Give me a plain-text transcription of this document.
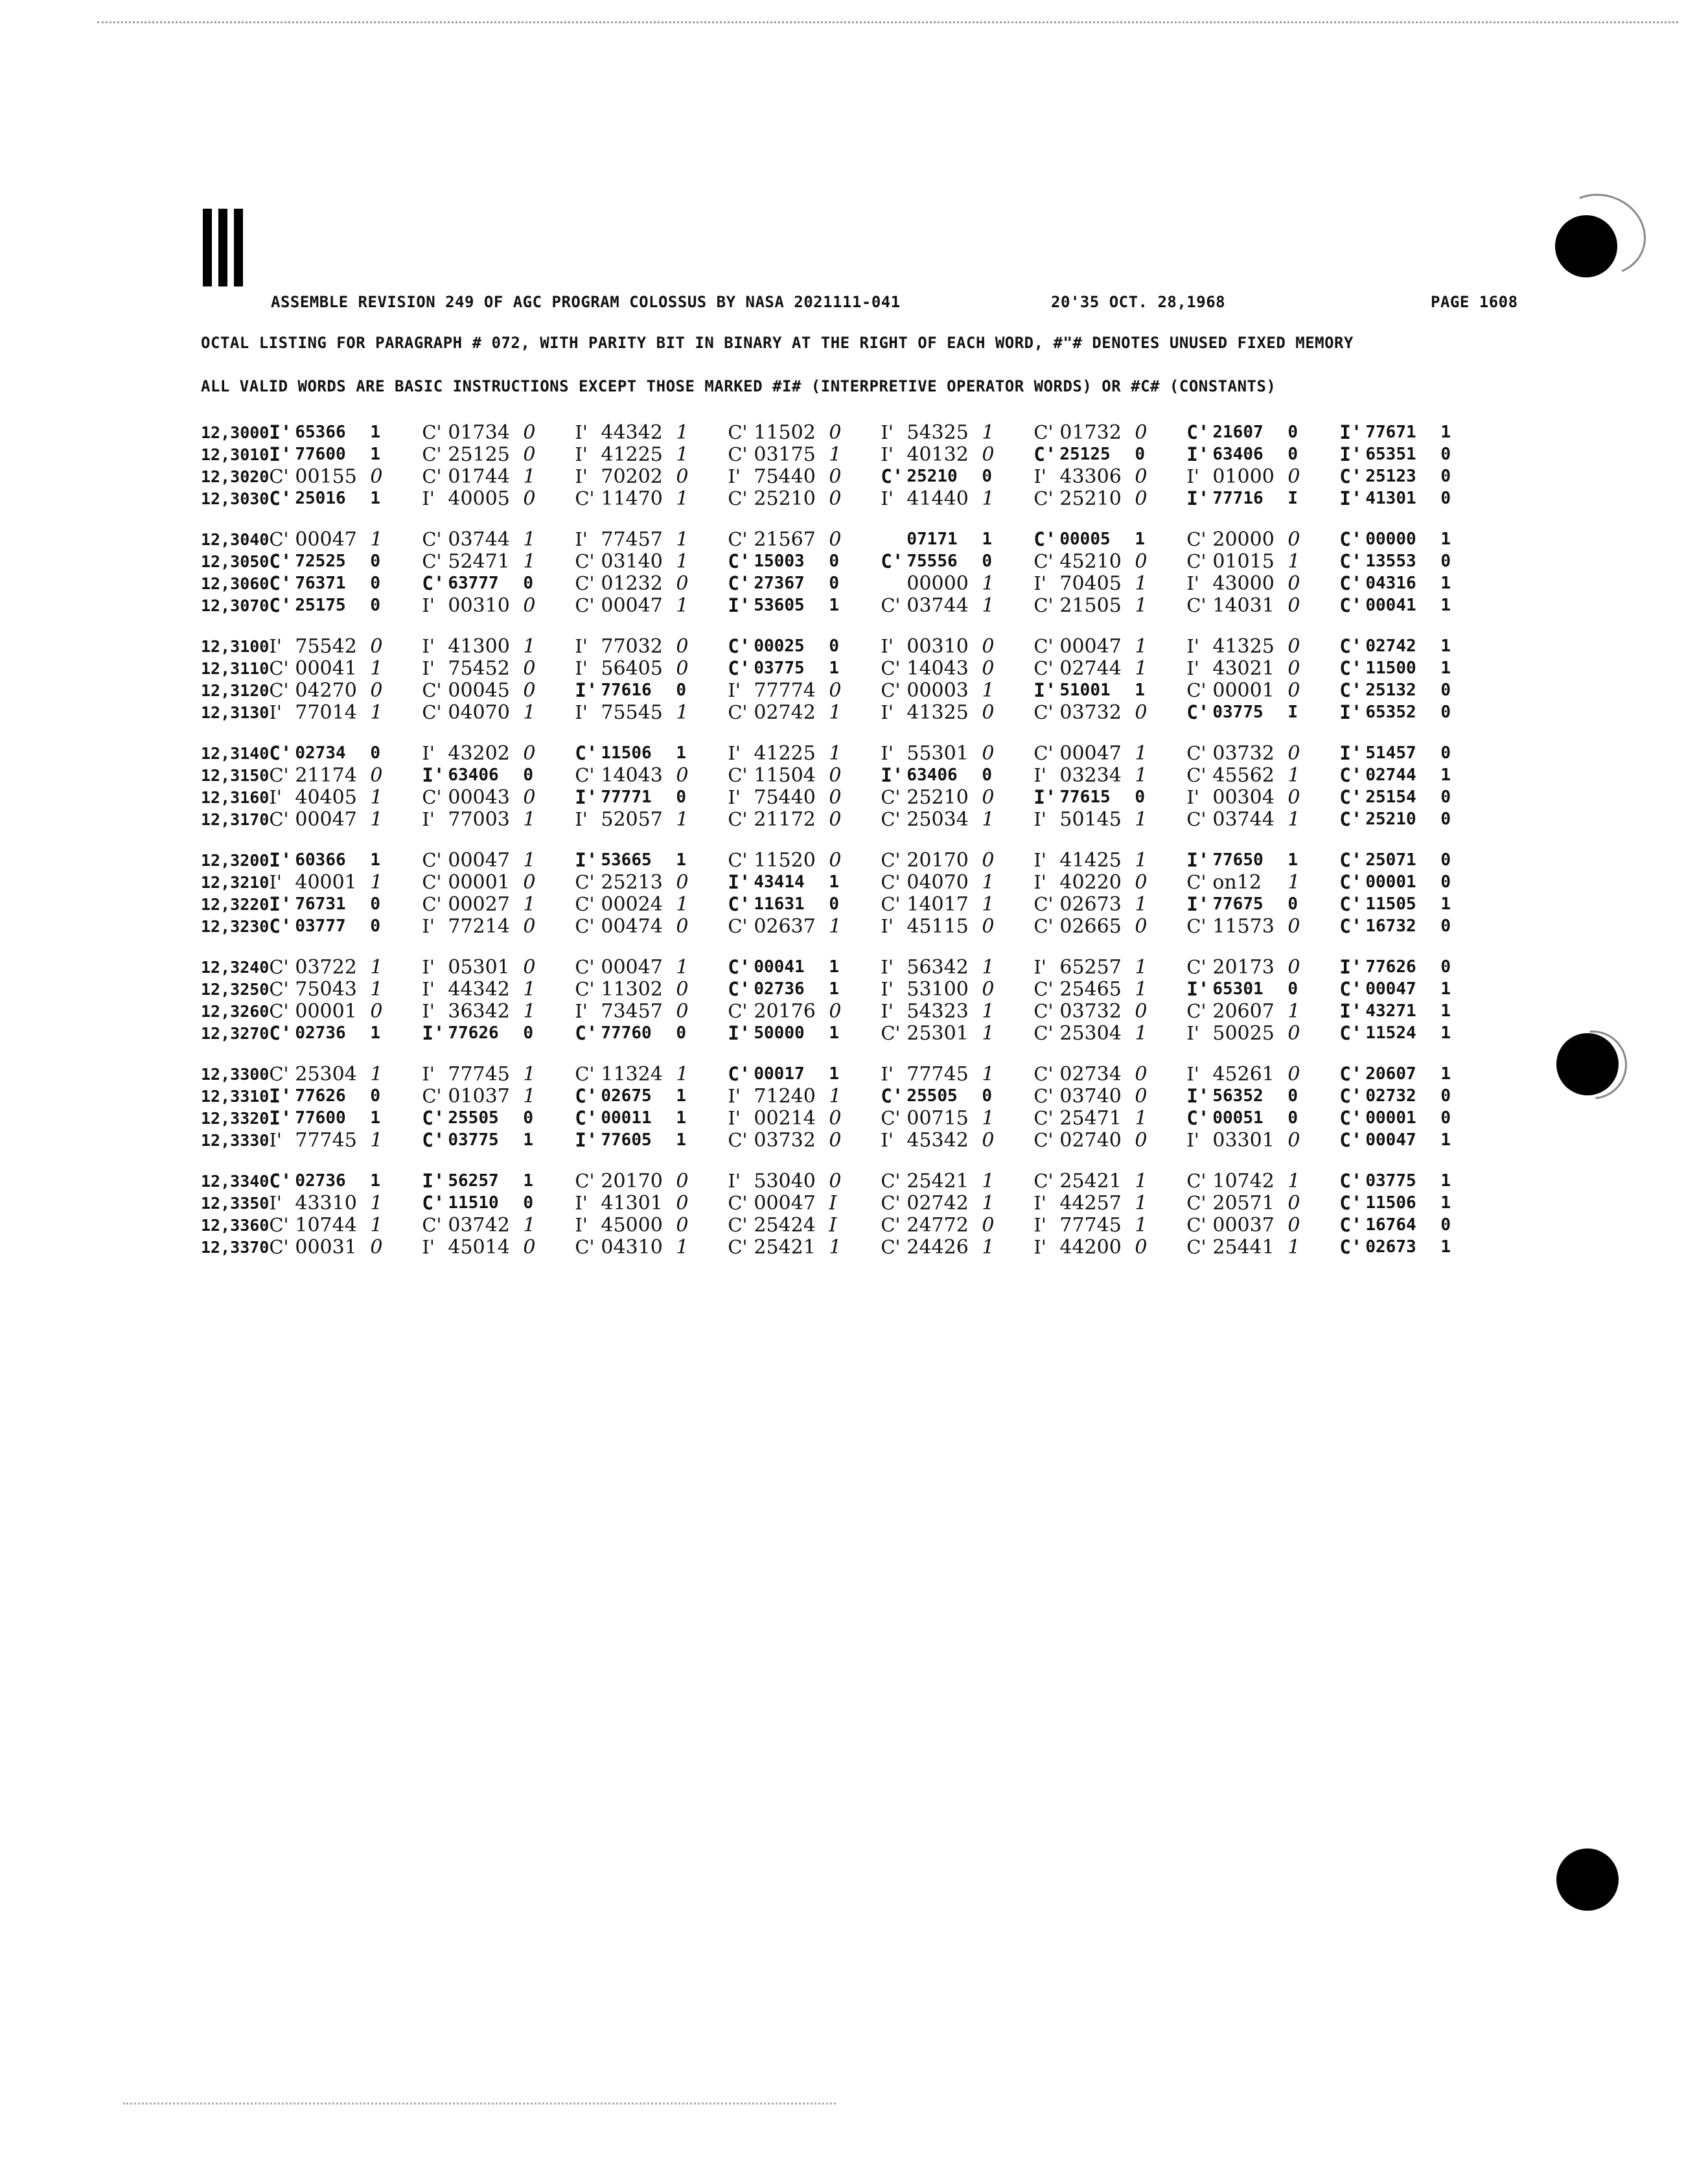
ASSEMBLE REVISION 249 OF AGC PROGRAM COLOSSUS BY NASA 2021111-041	20'35 OCT. 28,1968	PAGE 1608
OCTAL LISTING FOR PARAGRAPH # 072, WITH PARITY BIT IN BINARY AT THE RIGHT OF EACH WORD, #"# DENOTES UNUSED FIXED MEMORY
ALL VALID WORDS ARE BASIC INSTRUCTIONS EXCEPT THOSE MARKED #I# (INTERPRETIVE OPERATOR WORDS) OR #C# (CONSTANTS)
12,3000 I' 65366	1	C' 01734 0	I' 44342 1	C' 11502 0	I' 54325 1	C' 01732 0	C' 21607	0	I' 77671	1
12,3010 I' 77600	1	C' 25125 0	I' 41225 1	C' 03175 1	I' 40132 0	C' 25125	0	I' 63406	0	I' 65351	0
12,3020 C' 00155 0	C' 01744 1	I' 70202 0	I' 75440 0	C' 25210	0	I' 43306 0	I' 01000 0	C' 25123	0
12,3030 C' 25016	1	I' 40005 0	C' 11470 1	C' 25210 0	I' 41440 1	C' 25210 0	I' 77716	I	I' 41301	0
12,3040 C' 00047 1	C' 03744 1	I' 77457 1	C' 21567 0	07171	1	C' 00005	1	C' 20000 0	C' 00000	1
12,3050 C' 72525	0	C' 52471 1	C' 03140 1	C' 15003	0	C' 75556	0	C' 45210 0	C' 01015 1	C' 13553	0
12,3060 C' 76371	0	C' 63777	0	C' 01232 0	C' 27367	0	00000 1	I' 70405 1	I' 43000 0	C' 04316	1
12,3070 C' 25175	0	I' 00310 0	C' 00047 1	I' 53605	1	C' 03744 1	C' 21505 1	C' 14031 0	C' 00041	1
12,3100 I' 75542 0	I' 41300 1	I' 77032 0	C' 00025	0	I' 00310 0	C' 00047 1	I' 41325 0	C' 02742	1
12,3110 C' 00041 1	I' 75452 0	I' 56405 0	C' 03775	1	C' 14043 0	C' 02744 1	I' 43021 0	C' 11500	1
12,3120 C' 04270 0	C' 00045 0	I' 77616	0	I' 77774 0	C' 00003 1	I' 51001	1	C' 00001 0	C' 25132	0
12,3130 I' 77014 1	C' 04070 1	I' 75545 1	C' 02742 1	I' 41325 0	C' 03732 0	C' 03775	I	I' 65352	0
12,3140 C' 02734	0	I' 43202 0	C' 11506	1	I' 41225 1	I' 55301 0	C' 00047 1	C' 03732 0	I' 51457	0
12,3150 C' 21174 0	I' 63406	0	C' 14043 0	C' 11504 0	I' 63406	0	I' 03234 1	C' 45562 1	C' 02744	1
12,3160 I' 40405 1	C' 00043 0	I' 77771	0	I' 75440 0	C' 25210 0	I' 77615	0	I' 00304 0	C' 25154	0
12,3170 C' 00047 1	I' 77003 1	I' 52057 1	C' 21172 0	C' 25034 1	I' 50145 1	C' 03744 1	C' 25210	0
12,3200 I' 60366	1	C' 00047 1	I' 53665	1	C' 11520 0	C' 20170 0	I' 41425 1	I' 77650	1	C' 25071	0
12,3210 I' 40001 1	C' 00001 0	C' 25213 0	I' 43414	1	C' 04070 1	I' 40220 0	C' on12	1	C' 00001	0
12,3220 I' 76731	0	C' 00027 1	C' 00024 1	C' 11631	0	C' 14017 1	C' 02673 1	I' 77675	0	C' 11505	1
12,3230 C' 03777	0	I' 77214 0	C' 00474 0	C' 02637 1	I' 45115 0	C' 02665 0	C' 11573 0	C' 16732	0
12,3240 C' 03722 1	I' 05301 0	C' 00047 1	C' 00041	1	I' 56342 1	I' 65257 1	C' 20173 0	I' 77626	0
12,3250 C' 75043 1	I' 44342 1	C' 11302 0	C' 02736	1	I' 53100 0	C' 25465 1	I' 65301	0	C' 00047	1
12,3260 C' 00001 0	I' 36342 1	I' 73457 0	C' 20176 0	I' 54323 1	C' 03732 0	C' 20607 1	I' 43271	1
12,3270 C' 02736	1	I' 77626	0	C' 77760	0	I' 50000	1	C' 25301 1	C' 25304 1	I' 50025 0	C' 11524	1
12,3300 C' 25304 1	I' 77745 1	C' 11324 1	C' 00017	1	I' 77745 1	C' 02734 0	I' 45261 0	C' 20607	1
12,3310 I' 77626	0	C' 01037 1	C' 02675	1	I' 71240 1	C' 25505	0	C' 03740 0	I' 56352	0	C' 02732	0
12,3320 I' 77600	1	C' 25505	0	C' 00011	1	I' 00214 0	C' 00715 1	C' 25471 1	C' 00051	0	C' 00001	0
12,3330 I' 77745 1	C' 03775	1	I' 77605	1	C' 03732 0	I' 45342 0	C' 02740 0	I' 03301 0	C' 00047	1
12,3340 C' 02736	1	I' 56257	1	C' 20170 0	I' 53040 0	C' 25421 1	C' 25421 1	C' 10742 1	C' 03775	1
12,3350 I' 43310 1	C' 11510	0	I' 41301 0	C' 00047 I	C' 02742 1	I' 44257 1	C' 20571 0	C' 11506	1
12,3360 C' 10744 1	C' 03742 1	I' 45000 0	C' 25424 I	C' 24772 0	I' 77745 1	C' 00037 0	C' 16764	0
12,3370 C' 00031 0	I' 45014 0	C' 04310 1	C' 25421 1	C' 24426 1	I' 44200 0	C' 25441 1	C' 02673	1
